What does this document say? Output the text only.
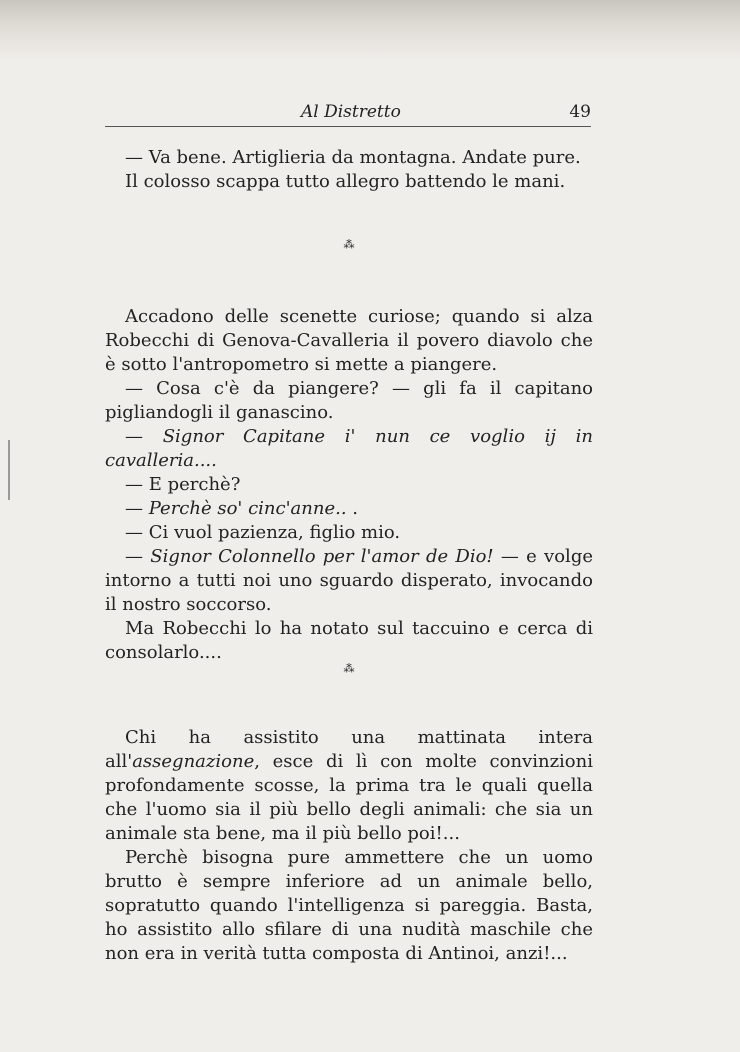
Al Distretto	49

— Va bene. Artiglieria da montagna. Andate pure.

Il colosso scappa tutto allegro battendo le mani.

⁂

Accadono delle scenette curiose; quando si alza Robecchi di Genova-Cavalleria il povero diavolo che è sotto l'antropometro si mette a piangere.

— Cosa c'è da piangere? — gli fa il capitano pigliandogli il ganascino.

— Signor Capitane i' nun ce voglio ij in cavalleria....

— E perchè?

— Perchè so' cinc'anne.. .

— Ci vuol pazienza, figlio mio.

— Signor Colonnello per l'amor de Dio! — e volge intorno a tutti noi uno sguardo disperato, invocando il nostro soccorso.

Ma Robecchi lo ha notato sul taccuino e cerca di consolarlo....

⁂

Chi ha assistito una mattinata intera all'assegnazione, esce di lì con molte convinzioni profondamente scosse, la prima tra le quali quella che l'uomo sia il più bello degli animali: che sia un animale sta bene, ma il più bello poi!...

Perchè bisogna pure ammettere che un uomo brutto è sempre inferiore ad un animale bello, sopratutto quando l'intelligenza si pareggia. Basta, ho assistito allo sfilare di una nudità maschile che non era in verità tutta composta di Antinoi, anzi!...
